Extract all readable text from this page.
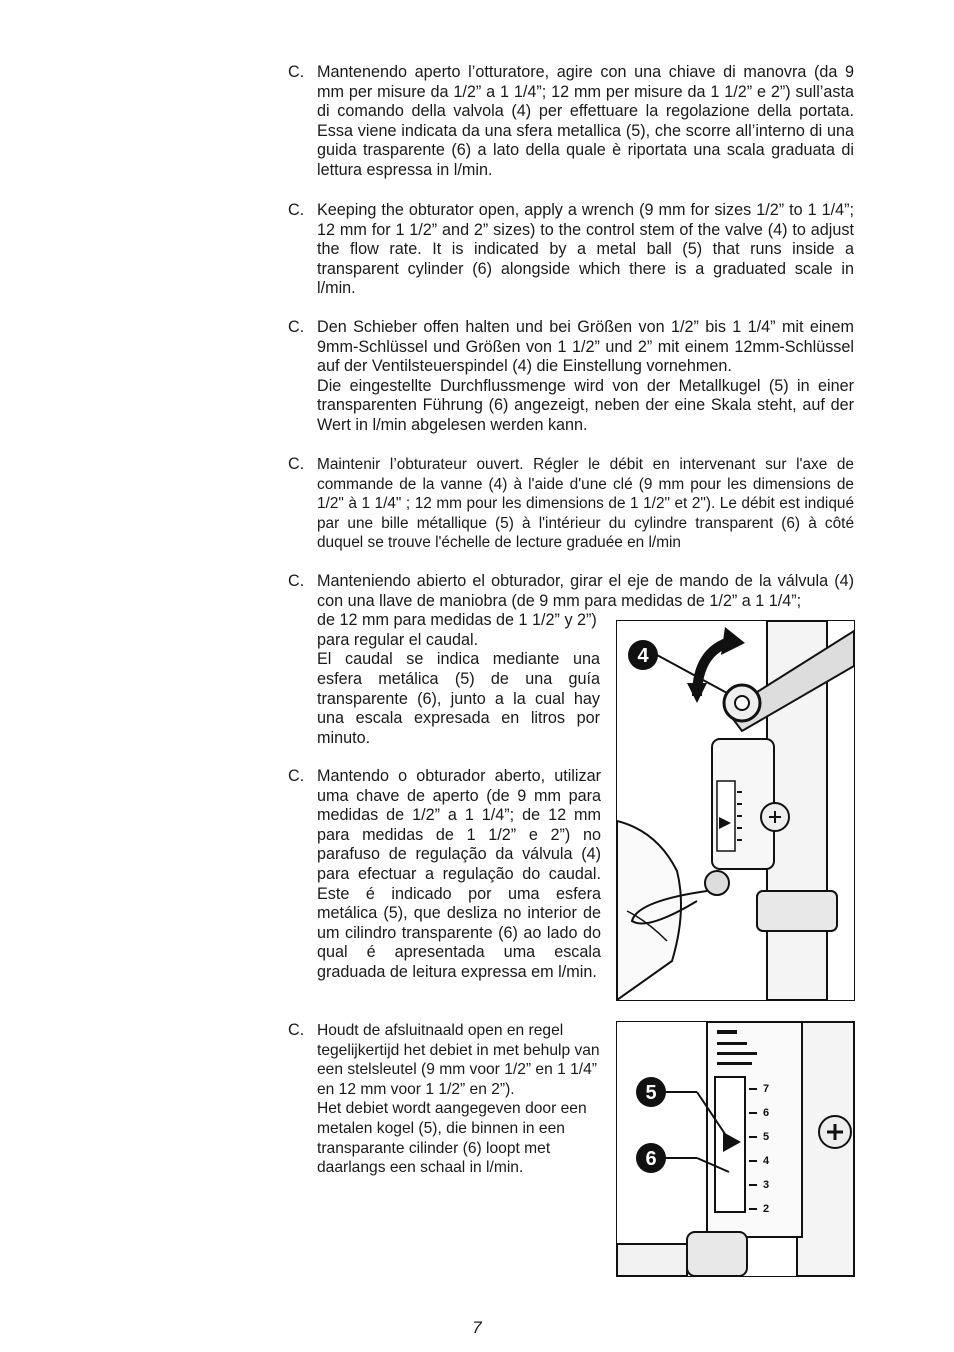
C. Mantenendo aperto l’otturatore, agire con una chiave di manovra (da 9 mm per misure da 1/2” a 1 1/4”; 12 mm per misure da 1 1/2” e 2”) sull’asta di comando della valvola (4) per effettuare la regolazione della portata. Essa viene indicata da una sfera metallica (5), che scorre all’interno di una guida trasparente (6) a lato della quale è riportata una scala graduata di lettura espressa in l/min.
C. Keeping the obturator open, apply a wrench (9 mm for sizes 1/2” to 1 1/4”; 12 mm for 1 1/2” and 2” sizes) to the control stem of the valve (4) to adjust the flow rate. It is indicated by a metal ball (5) that runs inside a transparent cylinder (6) alongside which there is a graduated scale in l/min.
C. Den Schieber offen halten und bei Größen von 1/2” bis 1 1/4” mit einem 9mm-Schlüssel und Größen von 1 1/2” und 2” mit einem 12mm-Schlüssel auf der Ventilsteuerspindel (4) die Einstellung vornehmen.
Die eingestellte Durchflussmenge wird von der Metallkugel (5) in einer transparenten Führung (6) angezeigt, neben der eine Skala steht, auf der Wert in l/min abgelesen werden kann.
C. Maintenir l’obturateur ouvert. Régler le débit en intervenant sur l'axe de commande de la vanne (4) à l'aide d'une clé (9 mm pour les dimensions de 1/2" à 1 1/4" ; 12 mm pour les dimensions de 1 1/2" et 2"). Le débit est indiqué par une bille métallique (5) à l'intérieur du cylindre transparent (6) à côté duquel se trouve l'échelle de lecture graduée en l/min
C. Manteniendo abierto el obturador, girar el eje de mando de la válvula (4) con una llave de maniobra (de 9 mm para medidas de 1/2” a 1 1/4”;
de 12 mm para medidas de 1 1/2” y 2”) para regular el caudal.
El caudal se indica mediante una esfera metálica (5) de una guía transparente (6), junto a la cual hay una escala expresada en litros por minuto.
C. Mantendo o obturador aberto, utilizar uma chave de aperto (de 9 mm para medidas de 1/2” a 1 1/4”; de 12 mm para medidas de 1 1/2” e 2”) no parafuso de regulação da válvula (4) para efectuar a regulação do caudal. Este é indicado por uma esfera metálica (5), que desliza no interior de um cilindro transparente (6) ao lado do qual é apresentada uma escala graduada de leitura expressa em l/min.
C. Houdt de afsluitnaald open en regel tegelijkertijd het debiet in met behulp van een stelsleutel (9 mm voor 1/2” en 1 1/4” en 12 mm voor 1 1/2” en 2”).
Het debiet wordt aangegeven door een metalen kogel (5), die binnen in een transparante cilinder (6) loopt met daarlangs een schaal in l/min.
4
7
6
5
4
3
2
5
6
7
